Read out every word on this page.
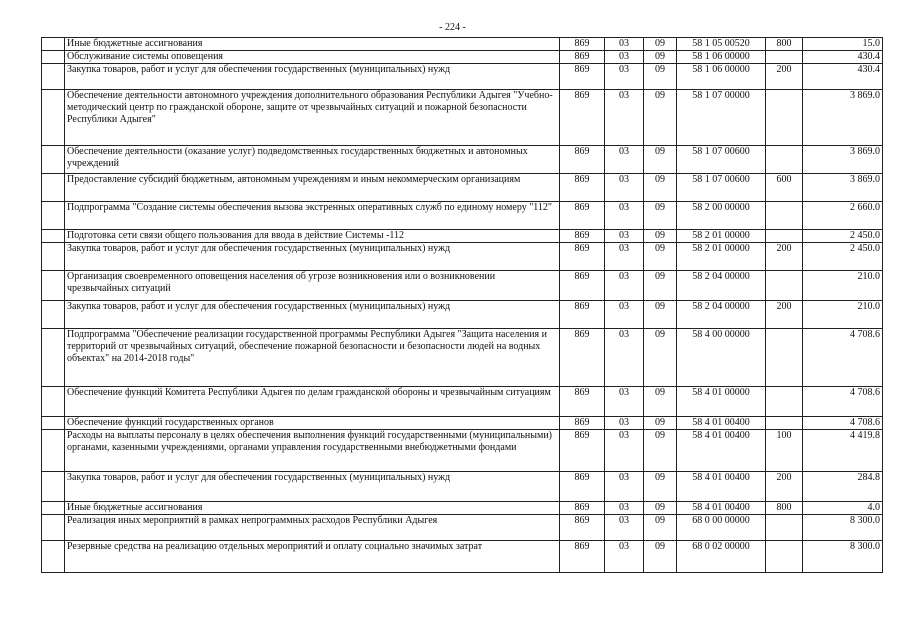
- 224 -
	Иные бюджетные ассигнования	869	03	09	58 1 05 00520	800	15.0
	Обслуживание системы оповещения	869	03	09	58 1 06 00000		430.4
	Закупка товаров, работ и услуг для обеспечения государственных (муниципальных) нужд	869	03	09	58 1 06 00000	200	430.4
	Обеспечение деятельности автономного учреждения дополнительного образования Республики Адыгея "Учебно-методический центр по гражданской обороне, защите от чрезвычайных ситуаций и пожарной безопасности Республики Адыгея"	869	03	09	58 1 07 00000		3 869.0
	Обеспечение деятельности (оказание услуг) подведомственных государственных бюджетных и автономных учреждений	869	03	09	58 1 07 00600		3 869.0
	Предоставление субсидий бюджетным, автономным учреждениям и иным некоммерческим организациям	869	03	09	58 1 07 00600	600	3 869.0
	Подпрограмма "Создание системы обеспечения вызова экстренных оперативных служб по единому номеру "112"	869	03	09	58 2 00 00000		2 660.0
	Подготовка сети связи общего пользования для ввода в действие Системы -112	869	03	09	58 2 01 00000		2 450.0
	Закупка товаров, работ и услуг для обеспечения государственных (муниципальных) нужд	869	03	09	58 2 01 00000	200	2 450.0
	Организация своевременного оповещения населения об угрозе возникновения или о возникновении чрезвычайных ситуаций	869	03	09	58 2 04 00000		210.0
	Закупка товаров, работ и услуг для обеспечения государственных (муниципальных) нужд	869	03	09	58 2 04 00000	200	210.0
	Подпрограмма "Обеспечение реализации государственной программы Республики Адыгея "Защита населения и территорий от чрезвычайных ситуаций, обеспечение пожарной безопасности и безопасности людей на водных объектах" на 2014-2018 годы"	869	03	09	58 4 00 00000		4 708.6
	Обеспечение функций Комитета Республики Адыгея по делам гражданской обороны и чрезвычайным ситуациям	869	03	09	58 4 01 00000		4 708.6
	Обеспечение функций государственных органов	869	03	09	58 4 01 00400		4 708.6
	Расходы на выплаты персоналу в целях обеспечения выполнения функций государственными (муниципальными) органами, казенными учреждениями, органами управления государственными внебюджетными фондами	869	03	09	58 4 01 00400	100	4 419.8
	Закупка товаров, работ и услуг для обеспечения государственных (муниципальных) нужд	869	03	09	58 4 01 00400	200	284.8
	Иные бюджетные ассигнования	869	03	09	58 4 01 00400	800	4.0
	Реализация иных мероприятий в рамках непрограммных расходов Республики Адыгея	869	03	09	68 0 00 00000		8 300.0
	Резервные средства на реализацию отдельных мероприятий и оплату социально значимых затрат	869	03	09	68 0 02 00000		8 300.0
